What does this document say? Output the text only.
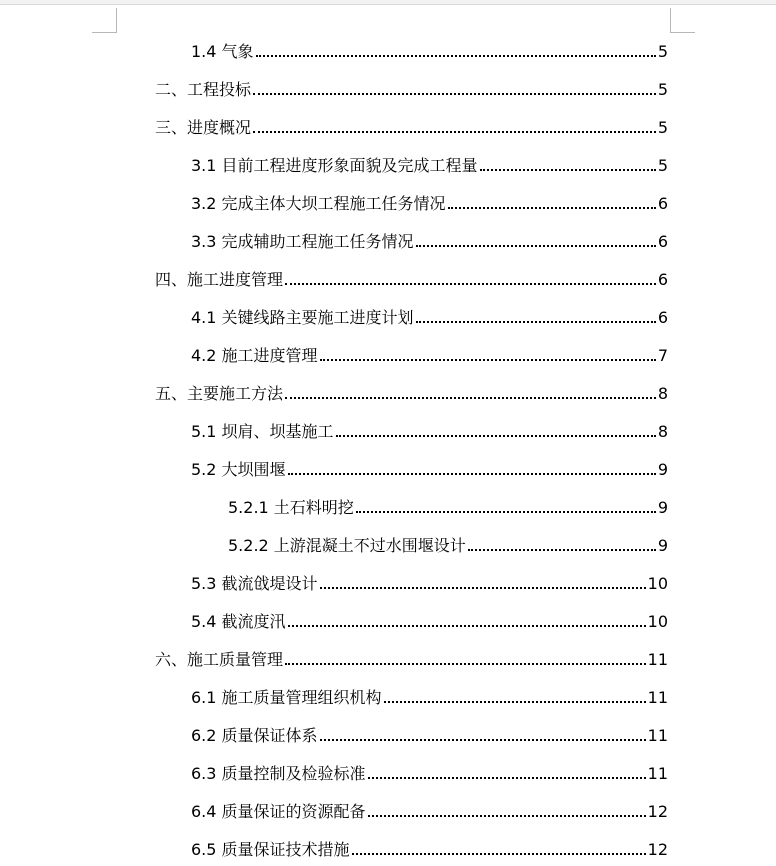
1.4 气象	5
二、工程投标	5
三、进度概况	5
3.1 目前工程进度形象面貌及完成工程量	5
3.2 完成主体大坝工程施工任务情况	6
3.3 完成辅助工程施工任务情况	6
四、施工进度管理	6
4.1 关键线路主要施工进度计划	6
4.2 施工进度管理	7
五、主要施工方法	8
5.1 坝肩、坝基施工	8
5.2 大坝围堰	9
5.2.1 土石料明挖	9
5.2.2 上游混凝土不过水围堰设计	9
5.3 截流戗堤设计	10
5.4 截流度汛	10
六、施工质量管理	11
6.1 施工质量管理组织机构	11
6.2 质量保证体系	11
6.3 质量控制及检验标准	11
6.4 质量保证的资源配备	12
6.5 质量保证技术措施	12
